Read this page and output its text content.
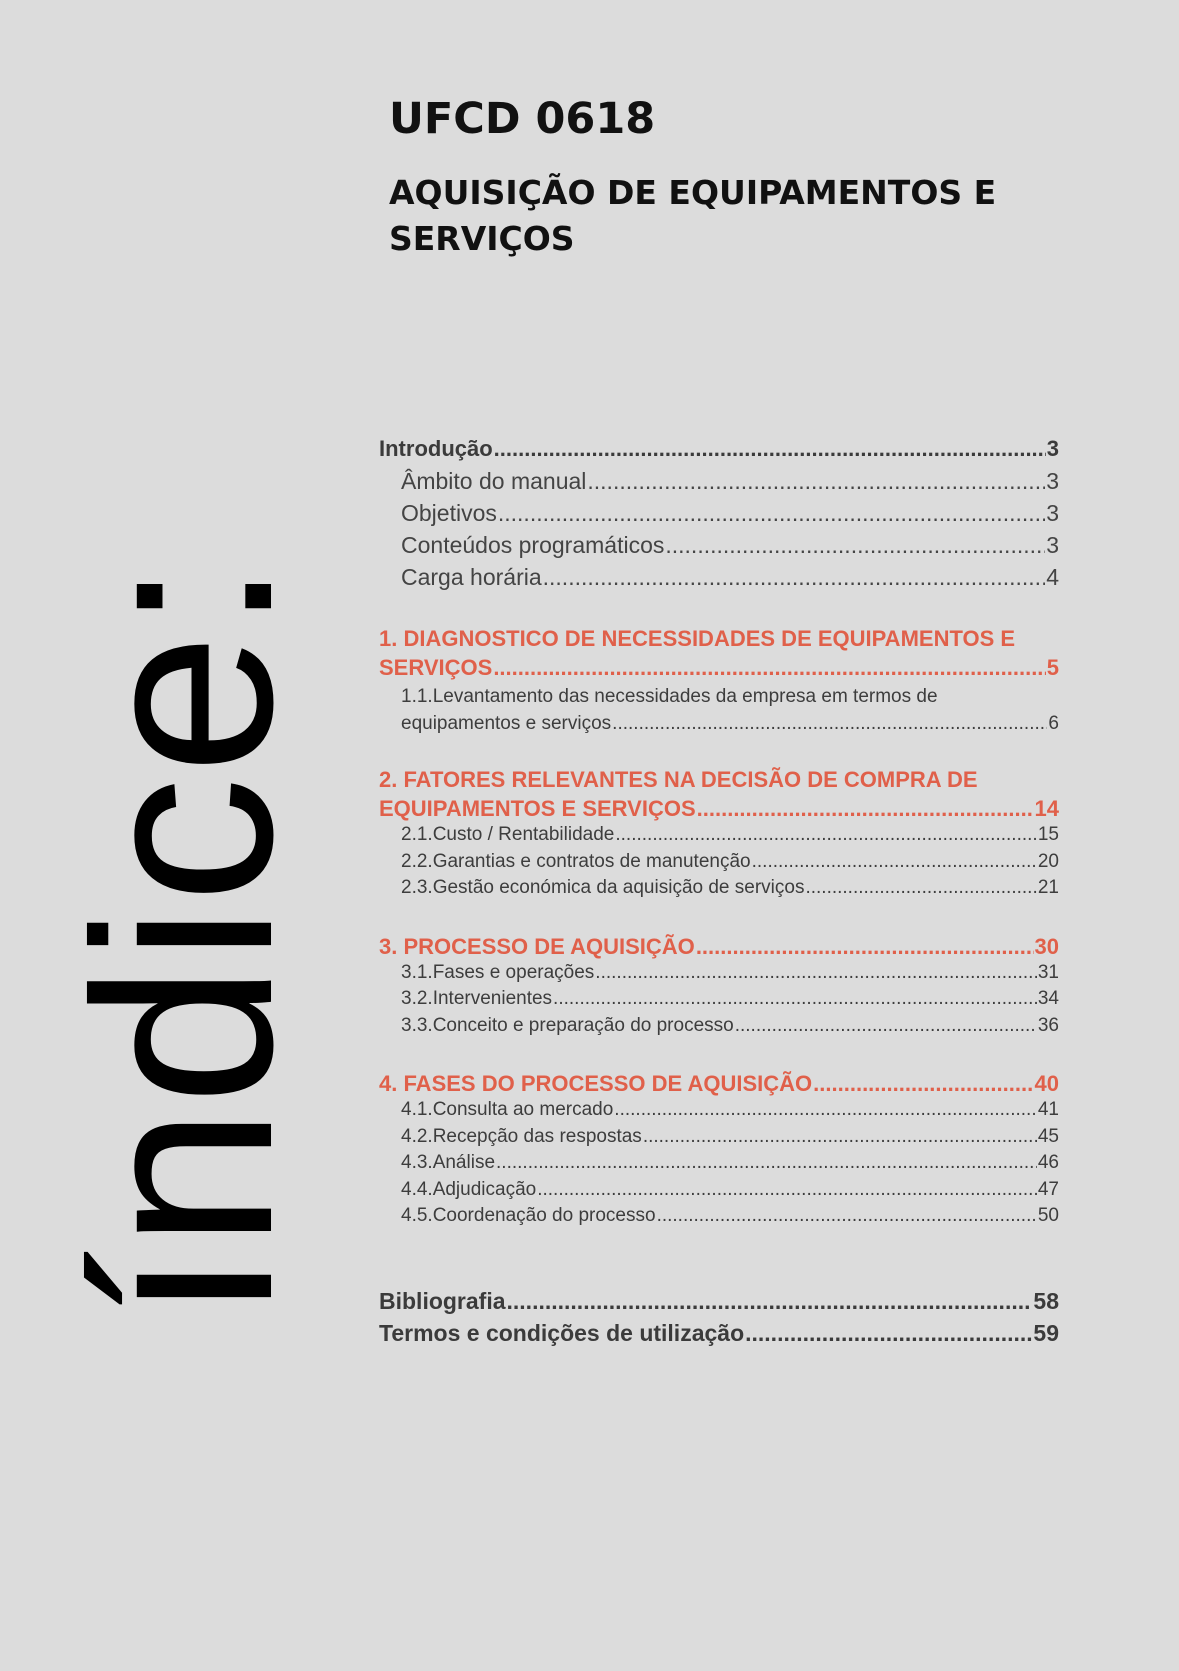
índice:
UFCD 0618
AQUISIÇÃO DE EQUIPAMENTOS E SERVIÇOS
Introdução .....	3
Âmbito do manual .....	3
Objetivos .....	3
Conteúdos programáticos .....	3
Carga horária .....	4
1. DIAGNOSTICO DE NECESSIDADES DE EQUIPAMENTOS E
SERVIÇOS .....	5
1.1.Levantamento das necessidades da empresa em termos de
equipamentos e serviços .....	6
2. FATORES RELEVANTES NA DECISÃO DE COMPRA DE
EQUIPAMENTOS E SERVIÇOS .....	14
2.1.Custo / Rentabilidade .....	15
2.2.Garantias e contratos de manutenção .....	20
2.3.Gestão económica da aquisição de serviços .....	21
3. PROCESSO DE AQUISIÇÃO .....	30
3.1.Fases e operações .....	31
3.2.Intervenientes .....	34
3.3.Conceito e preparação do processo .....	36
4. FASES DO PROCESSO DE AQUISIÇÃO .....	40
4.1.Consulta ao mercado .....	41
4.2.Recepção das respostas .....	45
4.3.Análise .....	46
4.4.Adjudicação .....	47
4.5.Coordenação do processo .....	50
Bibliografia .....	58
Termos e condições de utilização .....	59
